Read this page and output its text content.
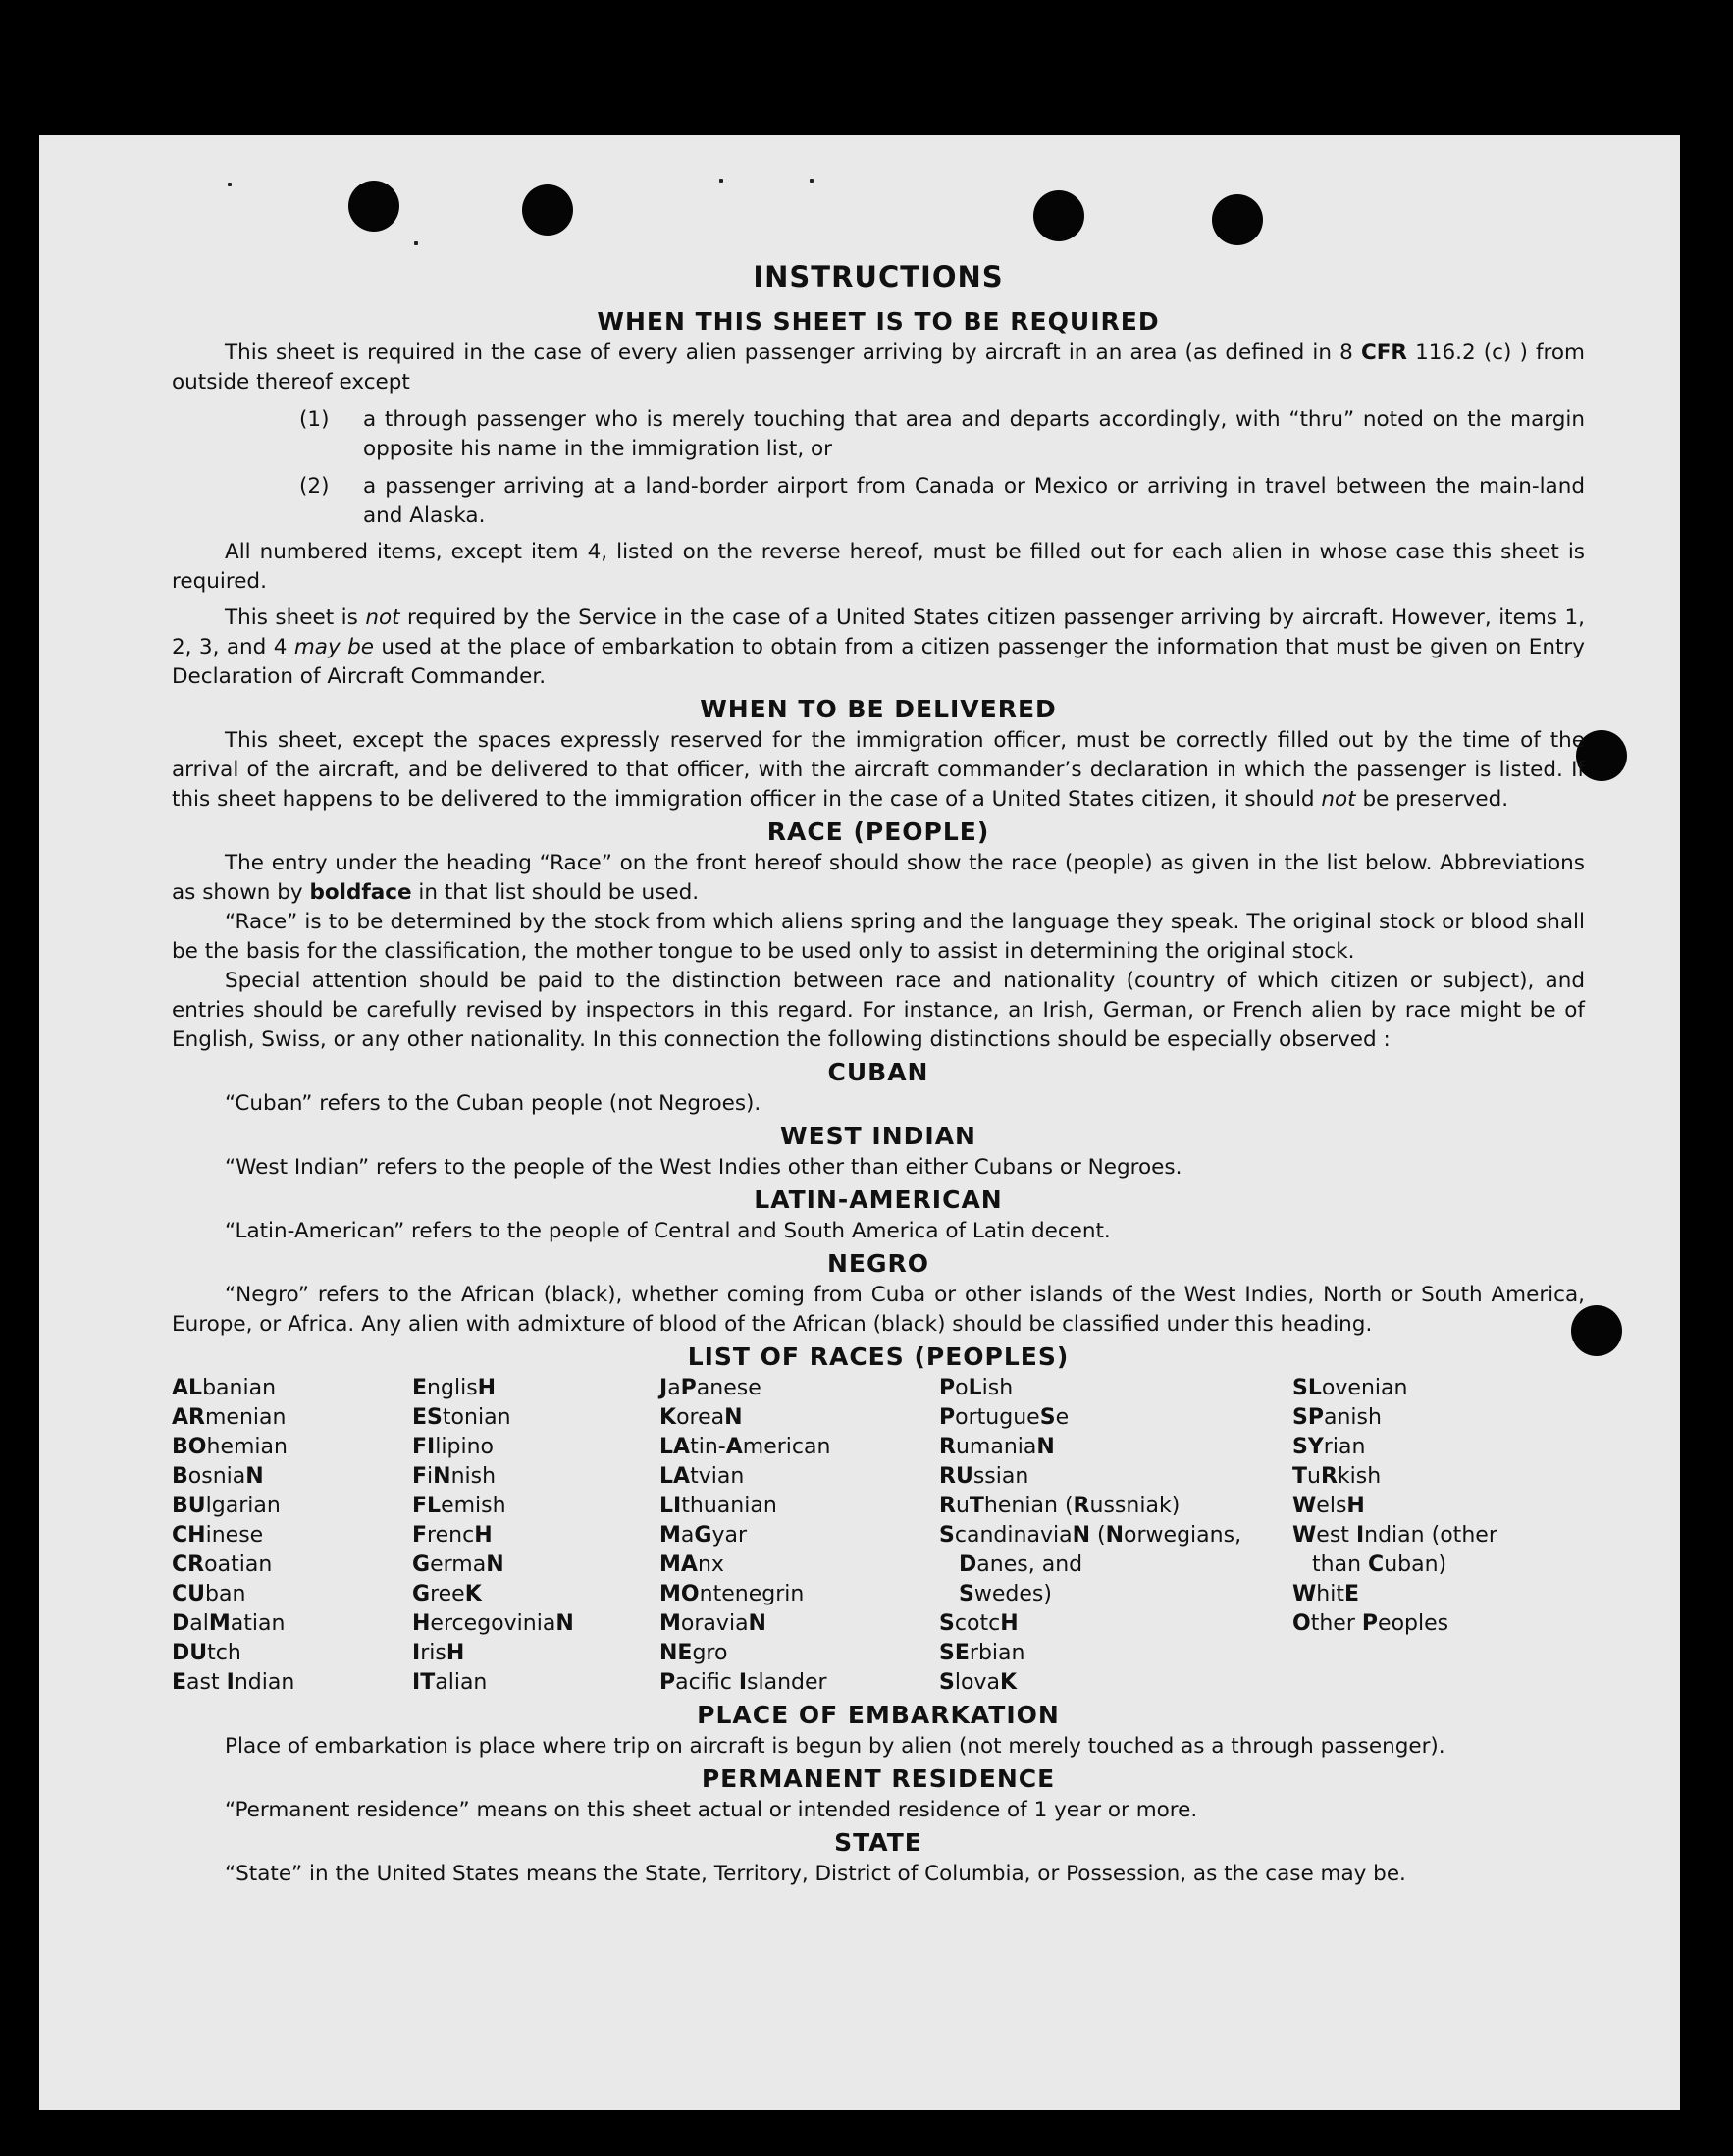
INSTRUCTIONS
WHEN THIS SHEET IS TO BE REQUIRED

This sheet is required in the case of every alien passenger arriving by aircraft in an area (as defined in 8 CFR 116.2 (c) ) from outside thereof except

(1) a through passenger who is merely touching that area and departs accordingly, with “thru” noted on the margin opposite his name in the immigration list, or
(2) a passenger arriving at a land-border airport from Canada or Mexico or arriving in travel between the main-land and Alaska.

All numbered items, except item 4, listed on the reverse hereof, must be filled out for each alien in whose case this sheet is required.

This sheet is not required by the Service in the case of a United States citizen passenger arriving by aircraft. However, items 1, 2, 3, and 4 may be used at the place of embarkation to obtain from a citizen passenger the information that must be given on Entry Declaration of Aircraft Commander.

WHEN TO BE DELIVERED

This sheet, except the spaces expressly reserved for the immigration officer, must be correctly filled out by the time of the arrival of the aircraft, and be delivered to that officer, with the aircraft commander’s declaration in which the passenger is listed. If this sheet happens to be delivered to the immigration officer in the case of a United States citizen, it should not be preserved.

RACE (PEOPLE)

The entry under the heading “Race” on the front hereof should show the race (people) as given in the list below. Abbreviations as shown by boldface in that list should be used.

“Race” is to be determined by the stock from which aliens spring and the language they speak. The original stock or blood shall be the basis for the classification, the mother tongue to be used only to assist in determining the original stock.

Special attention should be paid to the distinction between race and nationality (country of which citizen or subject), and entries should be carefully revised by inspectors in this regard. For instance, an Irish, German, or French alien by race might be of English, Swiss, or any other nationality. In this connection the following distinctions should be especially observed :

CUBAN

“Cuban” refers to the Cuban people (not Negroes).

WEST INDIAN

“West Indian” refers to the people of the West Indies other than either Cubans or Negroes.

LATIN-AMERICAN

“Latin-American” refers to the people of Central and South America of Latin decent.

NEGRO

“Negro” refers to the African (black), whether coming from Cuba or other islands of the West Indies, North or South America, Europe, or Africa. Any alien with admixture of blood of the African (black) should be classified under this heading.

LIST OF RACES (PEOPLES)
ALbanian
ARmenian
BOhemian
BosniaN
BUlgarian
CHinese
CRoatian
CUban
DalMatian
DUtch
East Indian
EnglisH
EStonian
FIlipino
FiNnish
FLemish
FrencH
GermaN
GreeK
HercegoviniaN
IrisH
ITalian
JaPanese
KoreaN
LAtin-American
LAtvian
LIthuanian
MaGyar
MAnx
MOntenegrin
MoraviaN
NEgro
Pacifc Islander
PoLish
PortugueSe
RumaniaN
RUssian
RuThenian (Russniak)
ScandinaviaN (Norwegians,
Danes, and
Swedes)
ScotcH
SErbian
SlovaK
SLovenian
SPanish
SYrian
TuRkish
WelsH
West Indian (other
than Cuban)
WhitE
Other Peoples
PLACE OF EMBARKATION

Place of embarkation is place where trip on aircraft is begun by alien (not merely touched as a through passenger).

PERMANENT RESIDENCE

“Permanent residence” means on this sheet actual or intended residence of 1 year or more.

STATE

“State” in the United States means the State, Territory, District of Columbia, or Possession, as the case may be.
